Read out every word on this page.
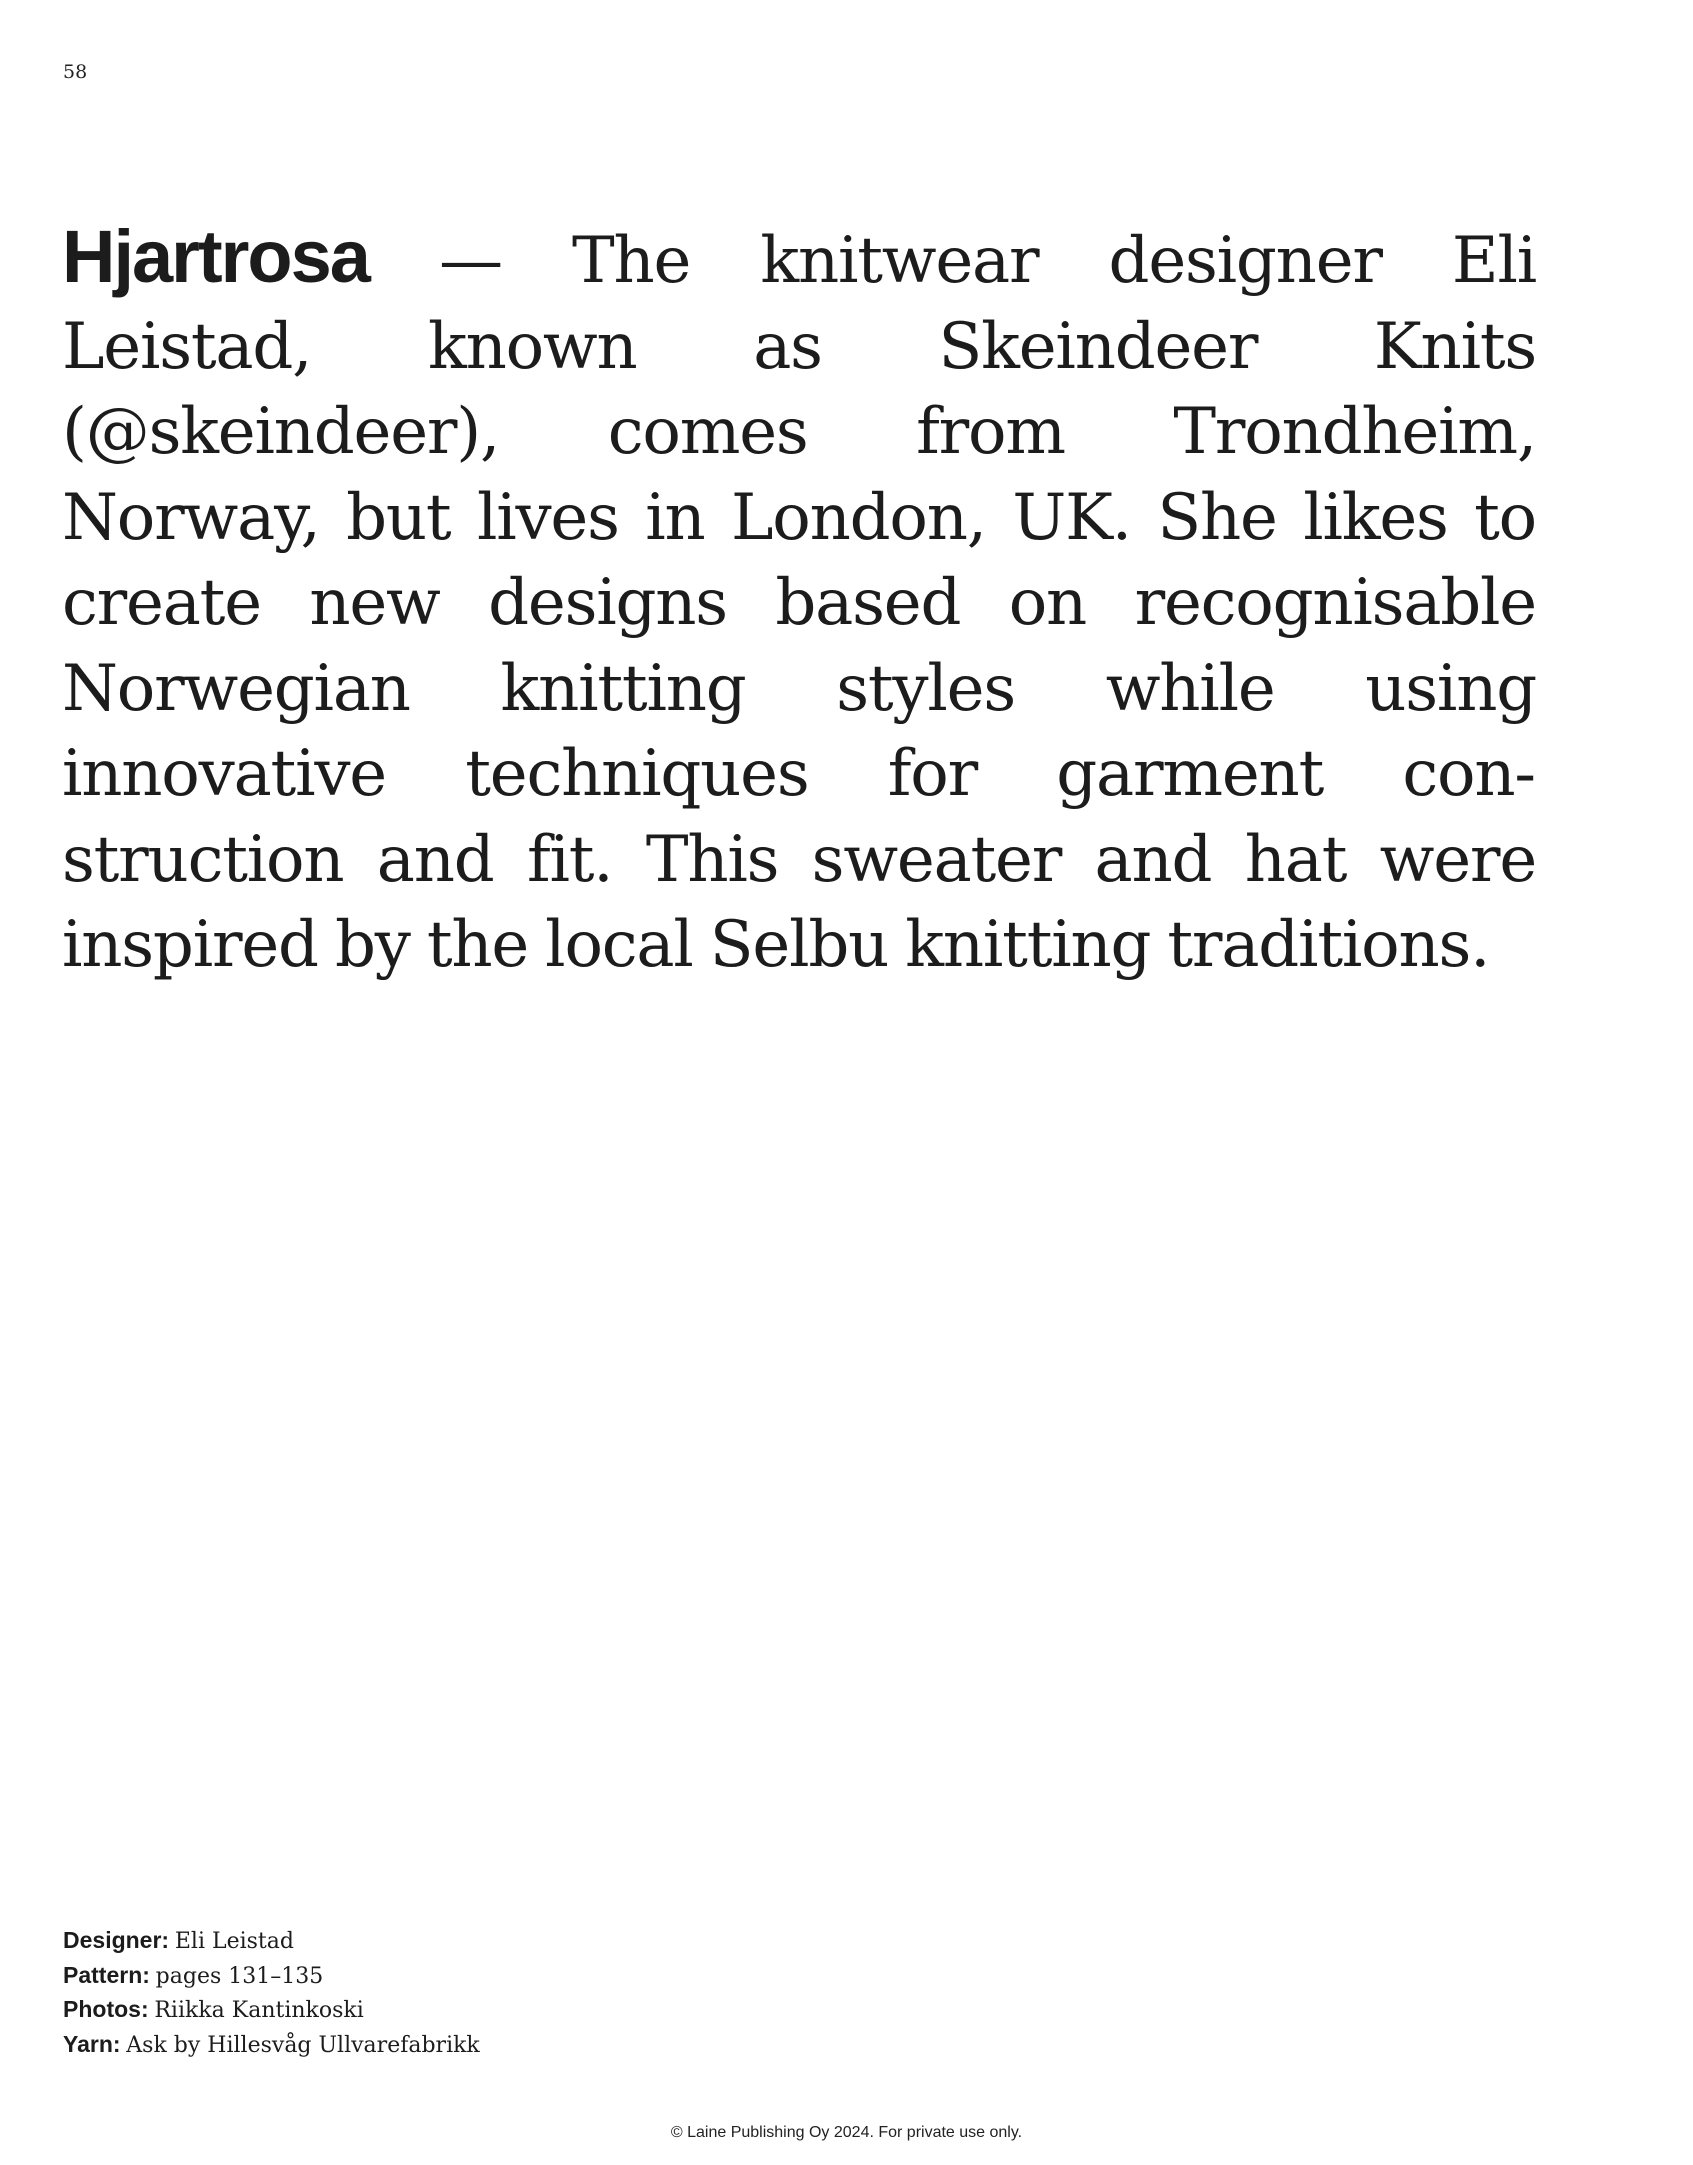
58

Hjartrosa — The knitwear designer Eli Leistad, known as Skeindeer Knits (@skeindeer), comes from Trondheim, Norway, but lives in London, UK. She likes to create new designs based on recognisable Norwegian knitting styles while using innovative techniques for garment construction and fit. This sweater and hat were inspired by the local Selbu knitting traditions.

Designer: Eli Leistad
Pattern: pages 131–135
Photos: Riikka Kantinkoski
Yarn: Ask by Hillesvåg Ullvarefabrikk
© Laine Publishing Oy 2024. For private use only.
